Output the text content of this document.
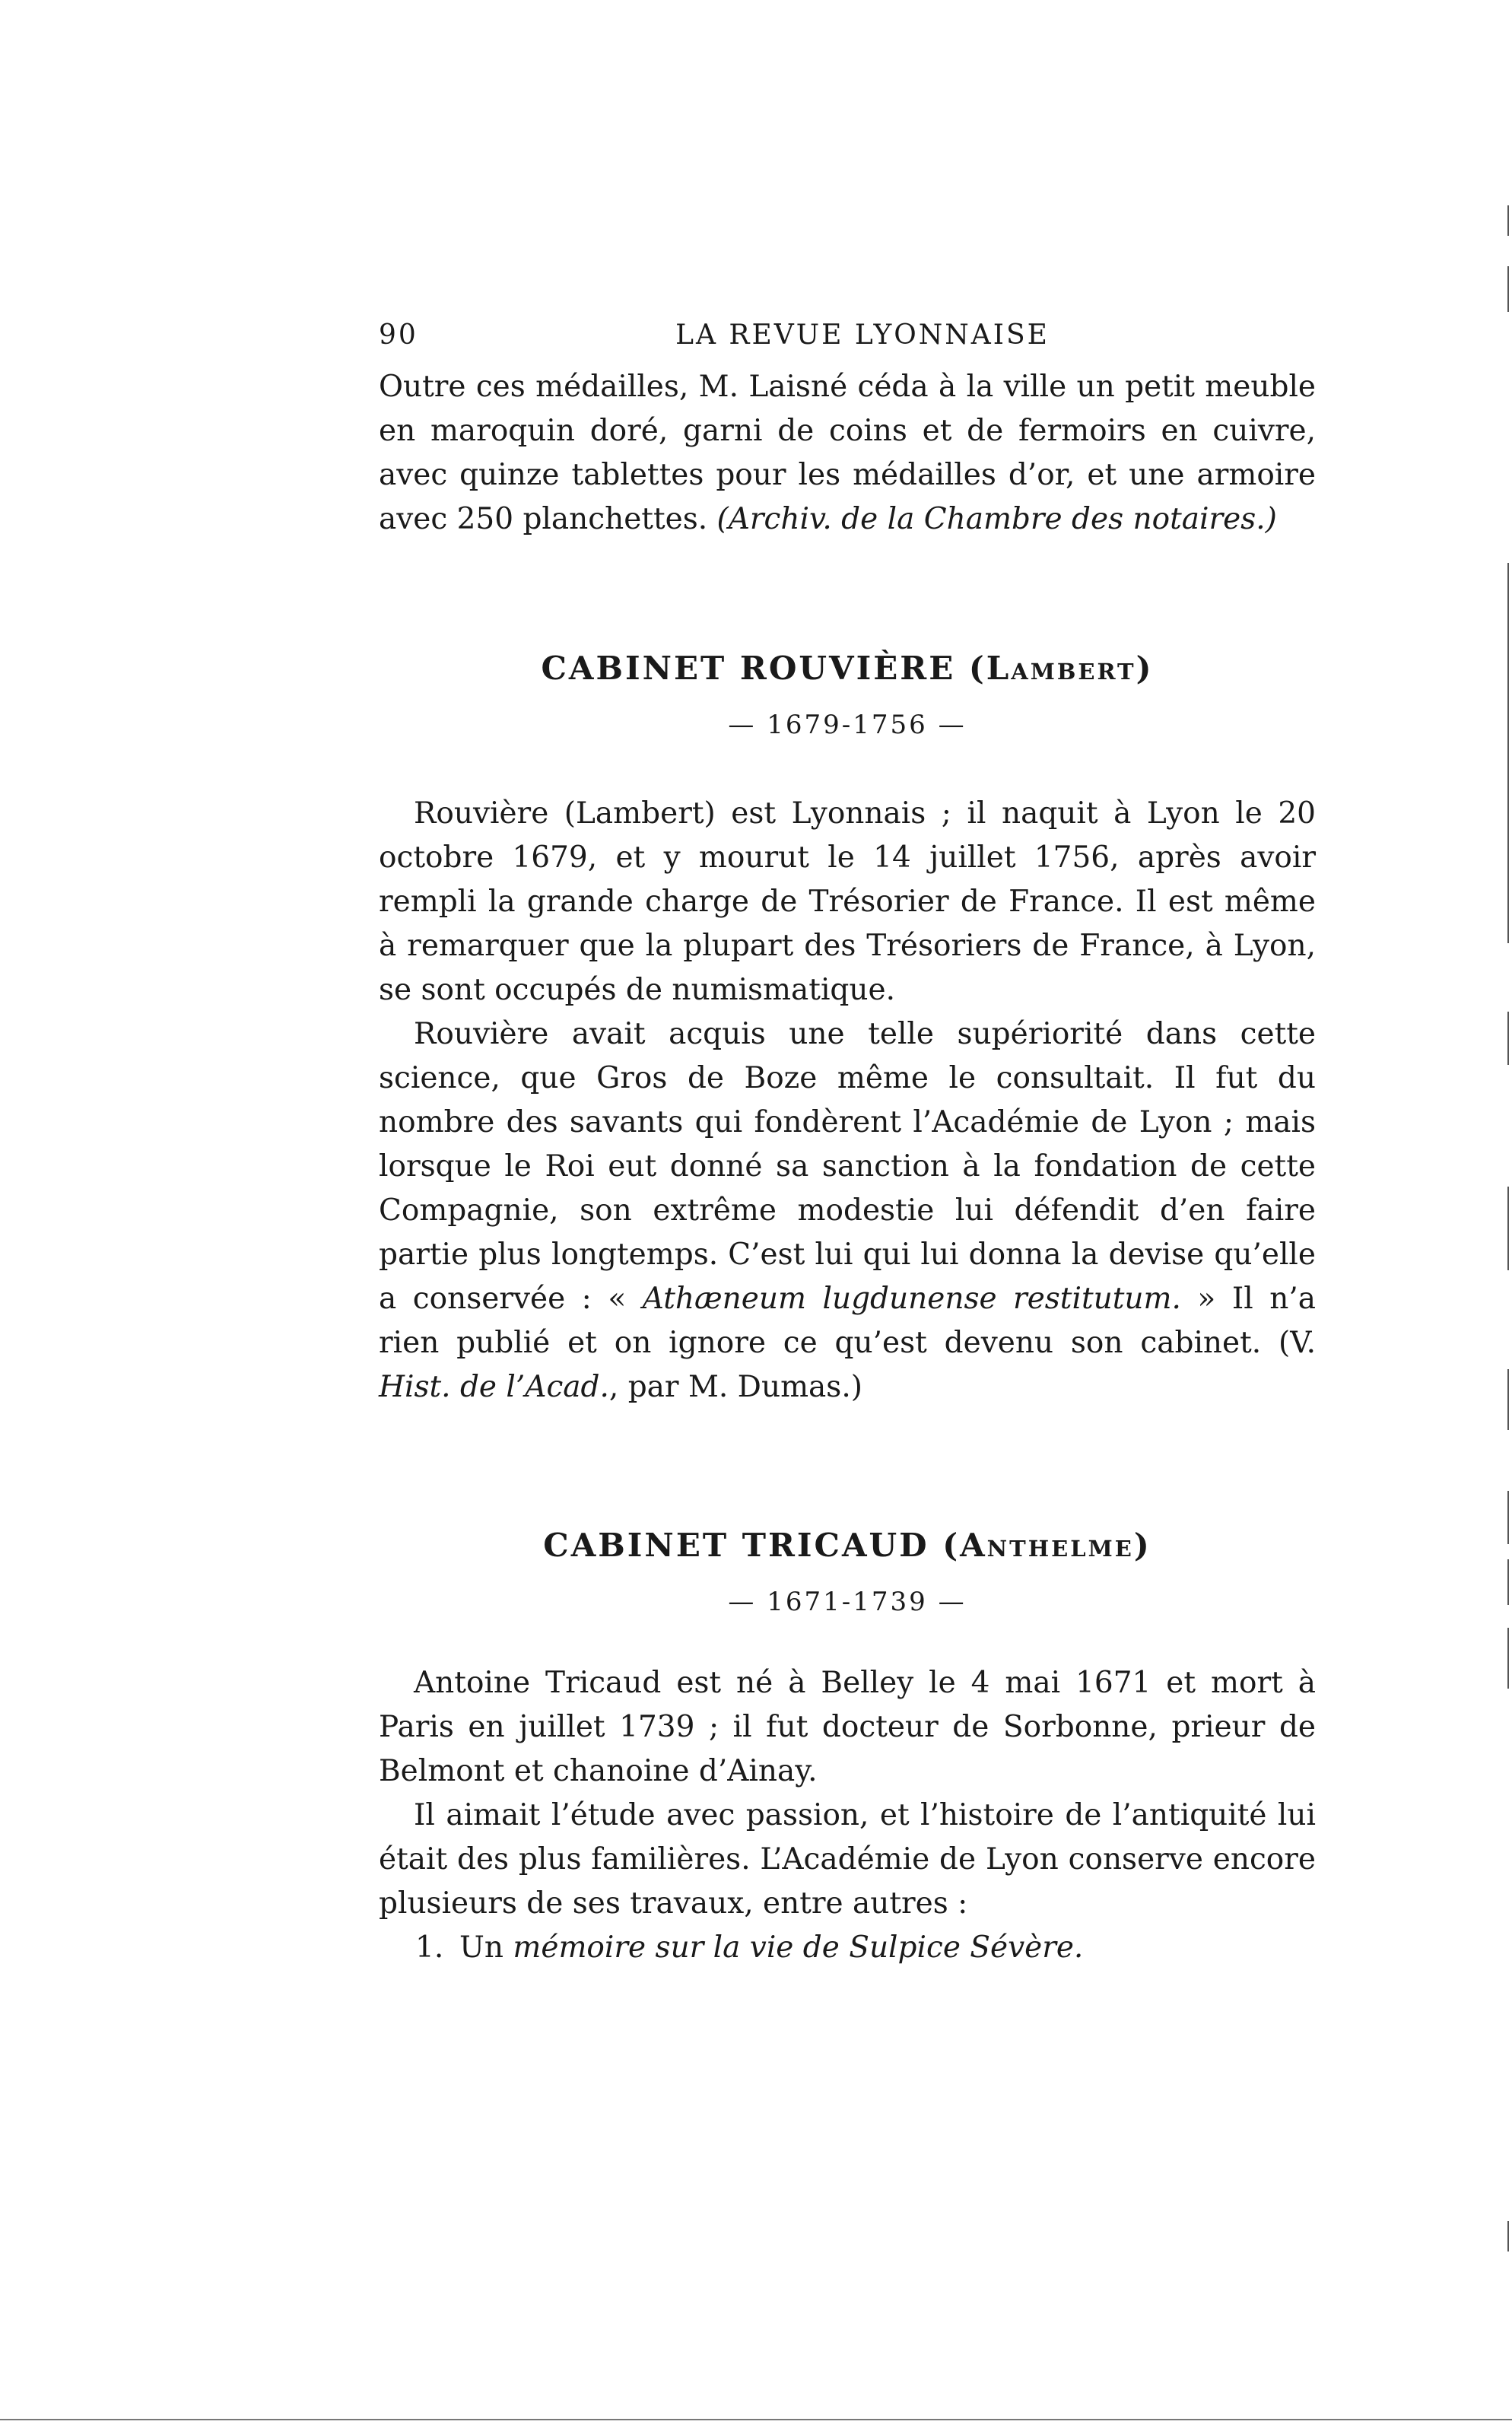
90	LA REVUE LYONNAISE

Outre ces médailles, M. Laisné céda à la ville un petit meuble en maroquin doré, garni de coins et de fermoirs en cuivre, avec quinze tablettes pour les médailles d’or, et une armoire avec 250 planchettes. (Archiv. de la Chambre des notaires.)

CABINET ROUVIÈRE (Lambert)
— 1679-1756 —

Rouvière (Lambert) est Lyonnais ; il naquit à Lyon le 20 octobre 1679, et y mourut le 14 juillet 1756, après avoir rempli la grande charge de Trésorier de France. Il est même à remarquer que la plupart des Trésoriers de France, à Lyon, se sont occupés de numismatique.

Rouvière avait acquis une telle supériorité dans cette science, que Gros de Boze même le consultait. Il fut du nombre des savants qui fondèrent l’Académie de Lyon ; mais lorsque le Roi eut donné sa sanction à la fondation de cette Compagnie, son extrême modestie lui défendit d’en faire partie plus longtemps. C’est lui qui lui donna la devise qu’elle a conservée : « Athæneum lugdunense restitutum. » Il n’a rien publié et on ignore ce qu’est devenu son cabinet. (V. Hist. de l’Acad., par M. Dumas.)

CABINET TRICAUD (Anthelme)
— 1671-1739 —

Antoine Tricaud est né à Belley le 4 mai 1671 et mort à Paris en juillet 1739 ; il fut docteur de Sorbonne, prieur de Belmont et chanoine d’Ainay.

Il aimait l’étude avec passion, et l’histoire de l’antiquité lui était des plus familières. L’Académie de Lyon conserve encore plusieurs de ses travaux, entre autres :

1. Un mémoire sur la vie de Sulpice Sévère.
